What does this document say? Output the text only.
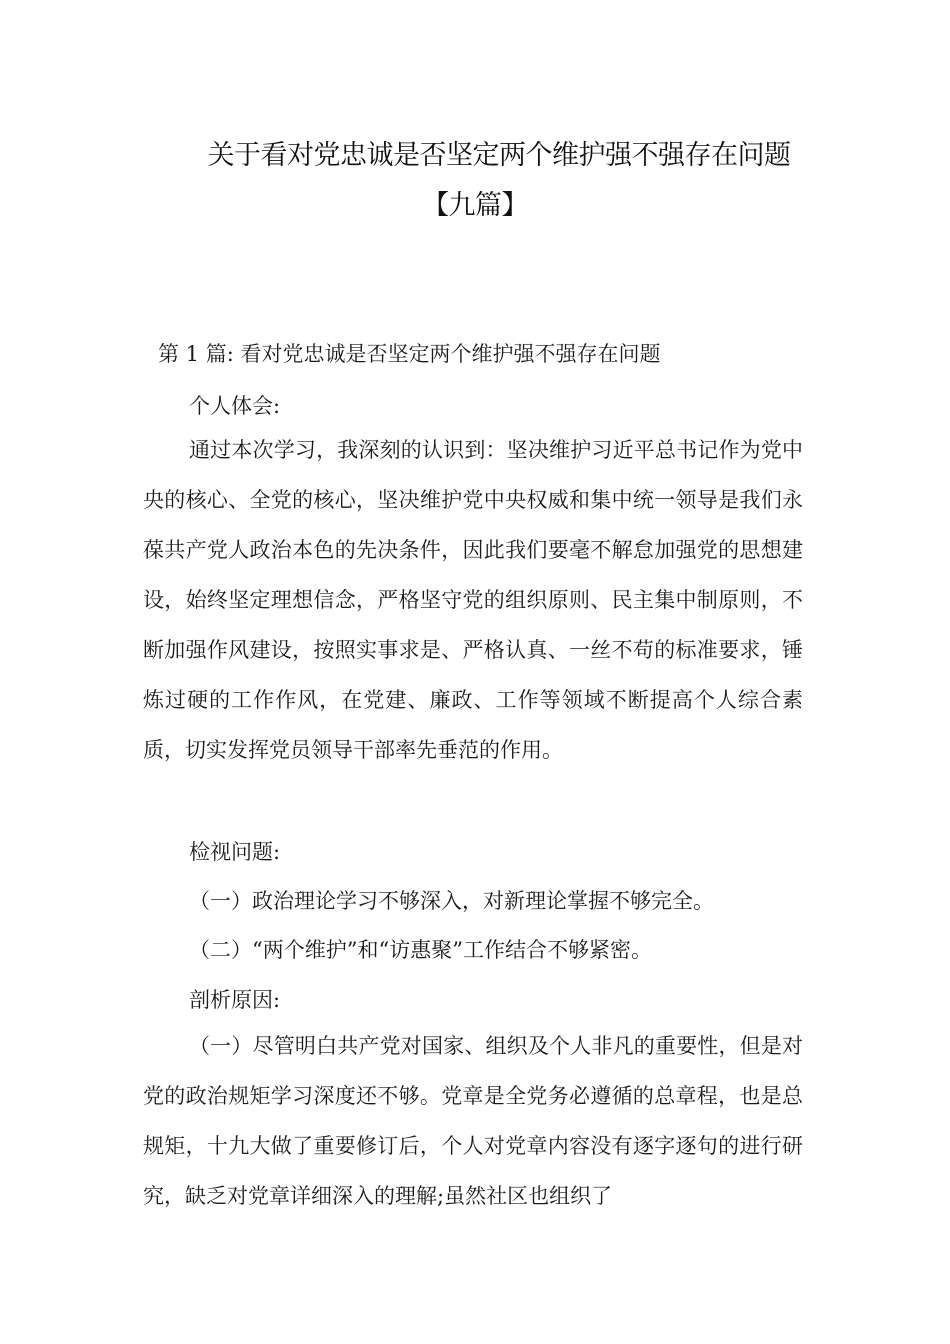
关于看对党忠诚是否坚定两个维护强不强存在问题
【九篇】
第 1 篇: 看对党忠诚是否坚定两个维护强不强存在问题
个人体会:
通过本次学习，我深刻的认识到：坚决维护习近平总书记作为党中央的核心、全党的核心，坚决维护党中央权威和集中统一领导是我们永葆共产党人政治本色的先决条件，因此我们要毫不解怠加强党的思想建设，始终坚定理想信念，严格坚守党的组织原则、民主集中制原则，不断加强作风建设，按照实事求是、严格认真、一丝不苟的标准要求，锤炼过硬的工作作风，在党建、廉政、工作等领域不断提高个人综合素质，切实发挥党员领导干部率先垂范的作用。
检视问题:
（一）政治理论学习不够深入，对新理论掌握不够完全。
（二）“两个维护”和“访惠聚”工作结合不够紧密。
剖析原因:
（一）尽管明白共产党对国家、组织及个人非凡的重要性，但是对党的政治规矩学习深度还不够。党章是全党务必遵循的总章程，也是总规矩，十九大做了重要修订后，个人对党章内容没有逐字逐句的进行研究，缺乏对党章详细深入的理解;虽然社区也组织了
